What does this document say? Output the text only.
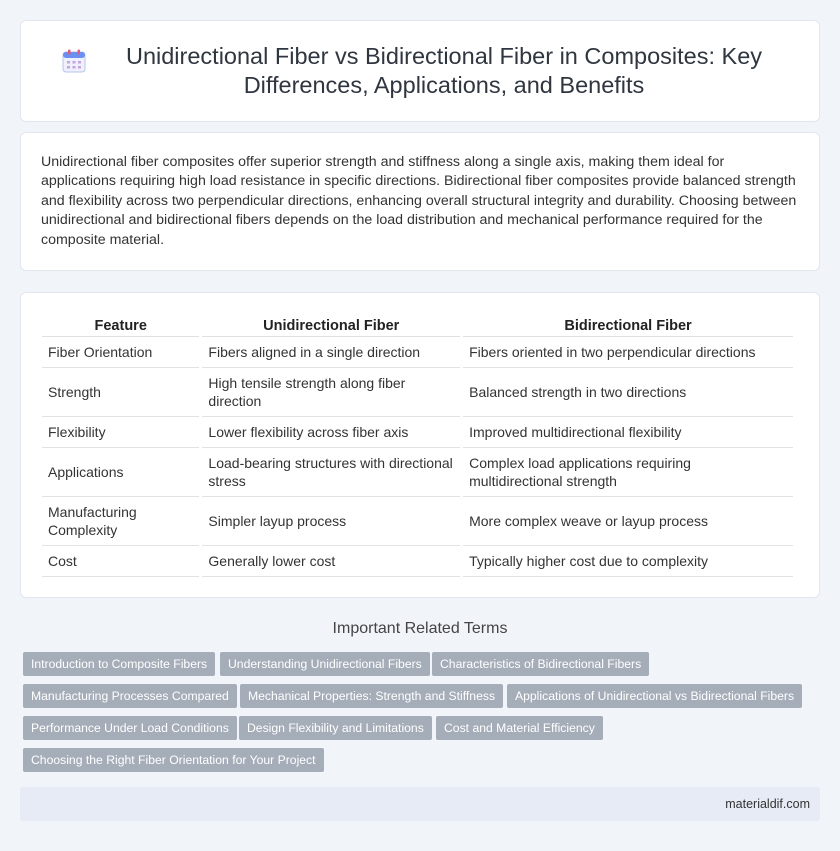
Unidirectional Fiber vs Bidirectional Fiber in Composites: Key Differences, Applications, and Benefits

Unidirectional fiber composites offer superior strength and stiffness along a single axis, making them ideal for applications requiring high load resistance in specific directions. Bidirectional fiber composites provide balanced strength and flexibility across two perpendicular directions, enhancing overall structural integrity and durability. Choosing between unidirectional and bidirectional fibers depends on the load distribution and mechanical performance required for the composite material.

Feature	Unidirectional Fiber	Bidirectional Fiber
Fiber Orientation	Fibers aligned in a single direction	Fibers oriented in two perpendicular directions
Strength	High tensile strength along fiber direction	Balanced strength in two directions
Flexibility	Lower flexibility across fiber axis	Improved multidirectional flexibility
Applications	Load-bearing structures with directional stress	Complex load applications requiring multidirectional strength
Manufacturing Complexity	Simpler layup process	More complex weave or layup process
Cost	Generally lower cost	Typically higher cost due to complexity
Important Related Terms
Introduction to Composite Fibers	Understanding Unidirectional Fibers	Characteristics of Bidirectional Fibers
Manufacturing Processes Compared	Mechanical Properties: Strength and Stiffness	Applications of Unidirectional vs Bidirectional Fibers
Performance Under Load Conditions	Design Flexibility and Limitations	Cost and Material Efficiency
Choosing the Right Fiber Orientation for Your Project
materialdif.com
